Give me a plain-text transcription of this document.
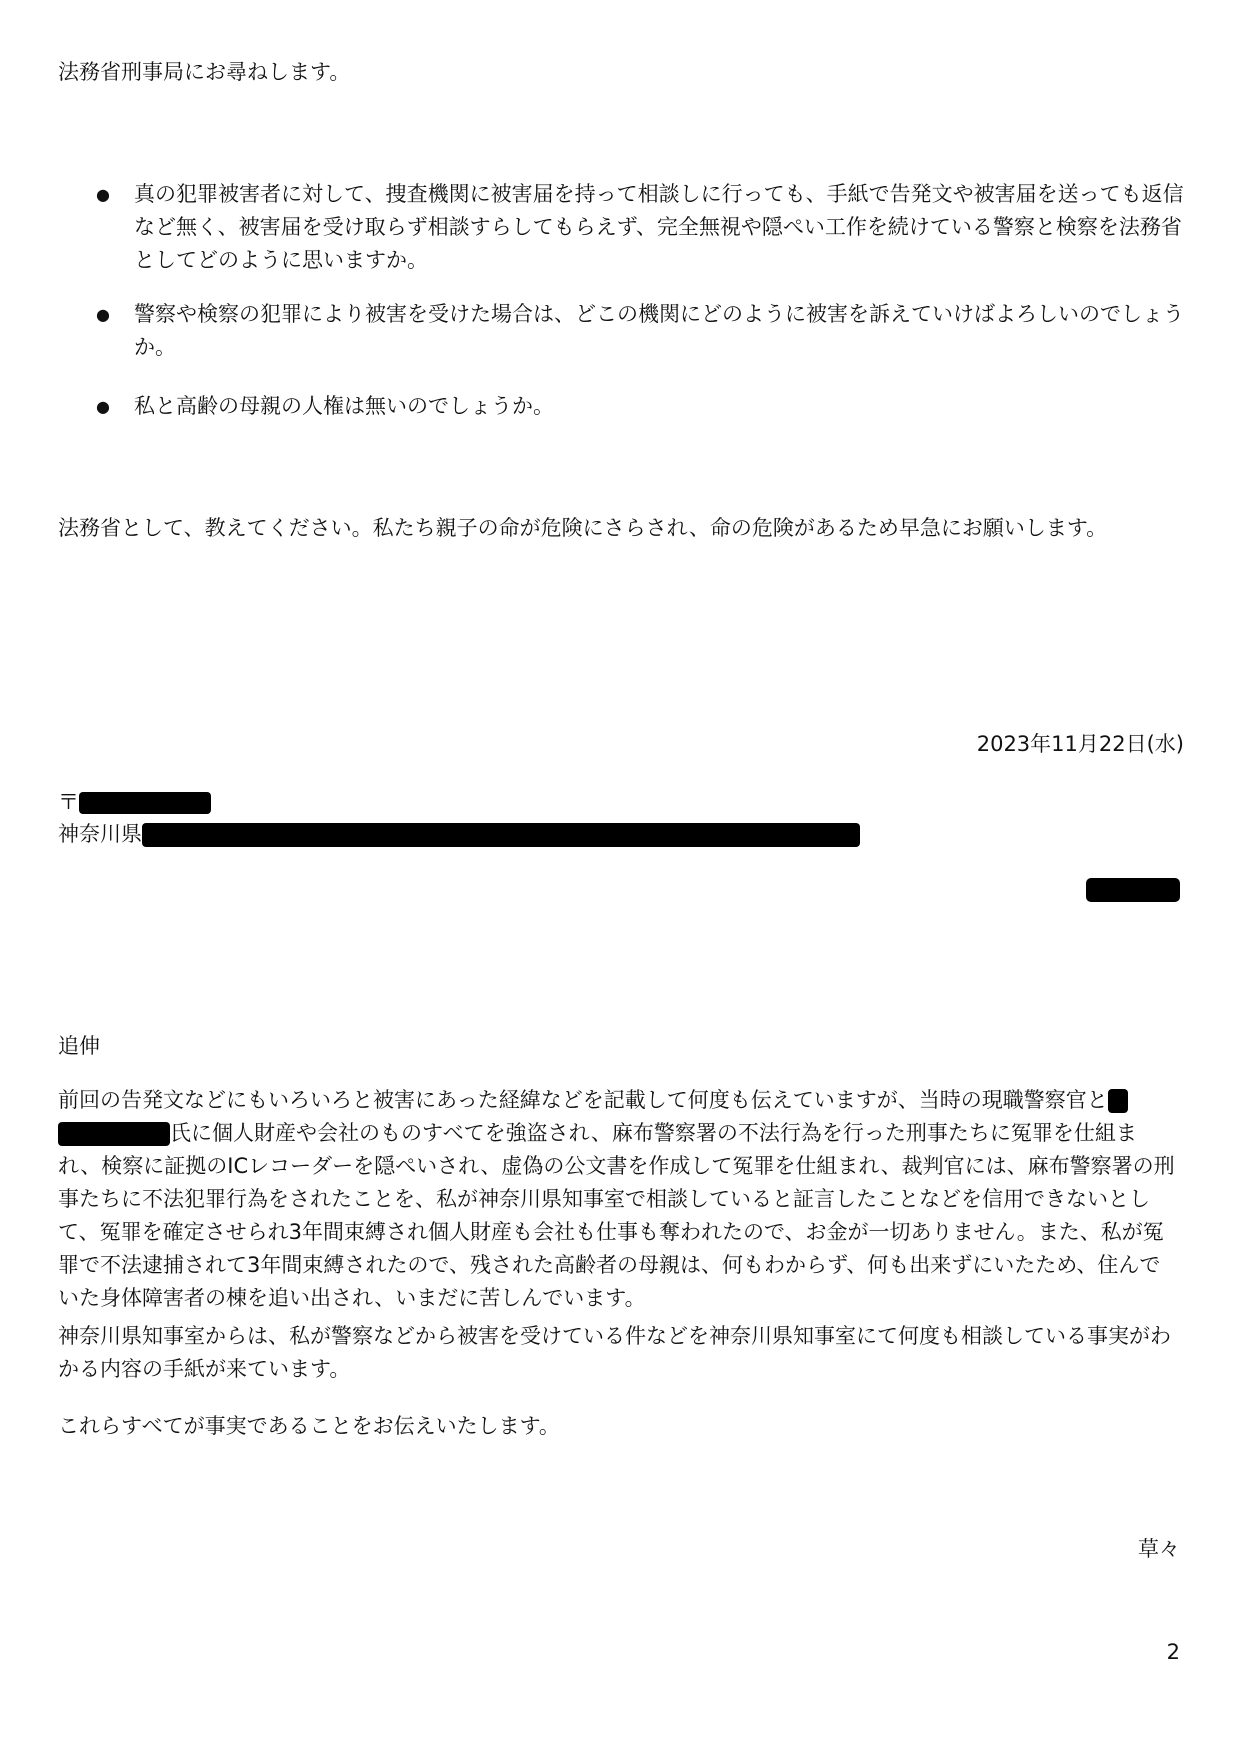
法務省刑事局にお尋ねします。
● 真の犯罪被害者に対して、捜査機関に被害届を持って相談しに行っても、手紙で告発文や被害届を送っても返信など無く、被害届を受け取らず相談すらしてもらえず、完全無視や隠ぺい工作を続けている警察と検察を法務省としてどのように思いますか。
● 警察や検察の犯罪により被害を受けた場合は、どこの機関にどのように被害を訴えていけばよろしいのでしょうか。
● 私と高齢の母親の人権は無いのでしょうか。
法務省として、教えてください。私たち親子の命が危険にさらされ、命の危険があるため早急にお願いします。
2023年11月22日(水)
〒
神奈川県
追伸
前回の告発文などにもいろいろと被害にあった経緯などを記載して何度も伝えていますが、当時の現職警察官と
氏に個人財産や会社のものすべてを強盗され、麻布警察署の不法行為を行った刑事たちに冤罪を仕組まれ、検察に証拠のICレコーダーを隠ぺいされ、虚偽の公文書を作成して冤罪を仕組まれ、裁判官には、麻布警察署の刑事たちに不法犯罪行為をされたことを、私が神奈川県知事室で相談していると証言したことなどを信用できないとして、冤罪を確定させられ3年間束縛され個人財産も会社も仕事も奪われたので、お金が一切ありません。また、私が冤罪で不法逮捕されて3年間束縛されたので、残された高齢者の母親は、何もわからず、何も出来ずにいたため、住んでいた身体障害者の棟を追い出され、いまだに苦しんでいます。
神奈川県知事室からは、私が警察などから被害を受けている件などを神奈川県知事室にて何度も相談している事実がわかる内容の手紙が来ています。
これらすべてが事実であることをお伝えいたします。
草々
2
